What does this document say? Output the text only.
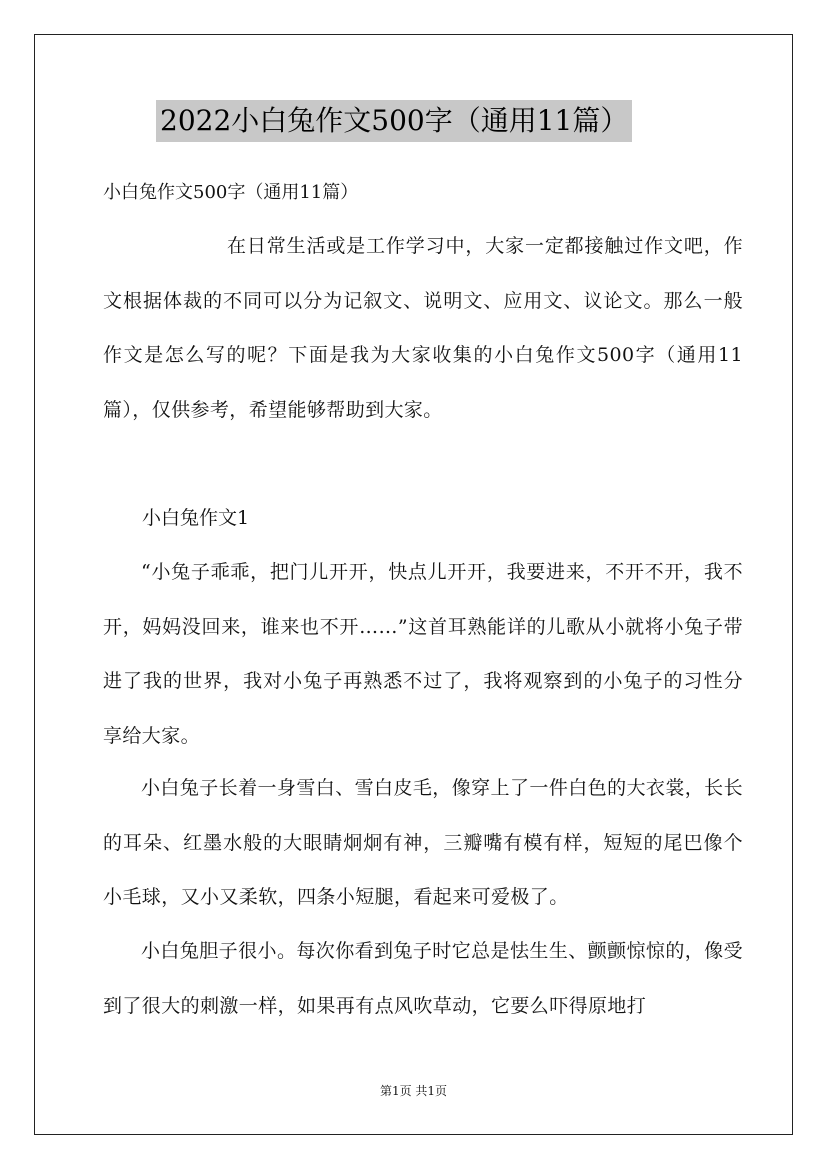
2022小白兔作文500字（通用11篇）
小白兔作文500字（通用11篇）
在日常生活或是工作学习中，大家一定都接触过作文吧，作文根据体裁的不同可以分为记叙文、说明文、应用文、议论文。那么一般作文是怎么写的呢？下面是我为大家收集的小白兔作文500字（通用11篇），仅供参考，希望能够帮助到大家。
小白兔作文1
“小兔子乖乖，把门儿开开，快点儿开开，我要进来，不开不开，我不开，妈妈没回来，谁来也不开……”这首耳熟能详的儿歌从小就将小兔子带进了我的世界，我对小兔子再熟悉不过了，我将观察到的小兔子的习性分享给大家。
小白兔子长着一身雪白、雪白皮毛，像穿上了一件白色的大衣裳，长长的耳朵、红墨水般的大眼睛炯炯有神，三瓣嘴有模有样，短短的尾巴像个小毛球，又小又柔软，四条小短腿，看起来可爱极了。
小白兔胆子很小。每次你看到兔子时它总是怯生生、颤颤惊惊的，像受到了很大的刺激一样，如果再有点风吹草动，它要么吓得原地打
第1页 共1页
